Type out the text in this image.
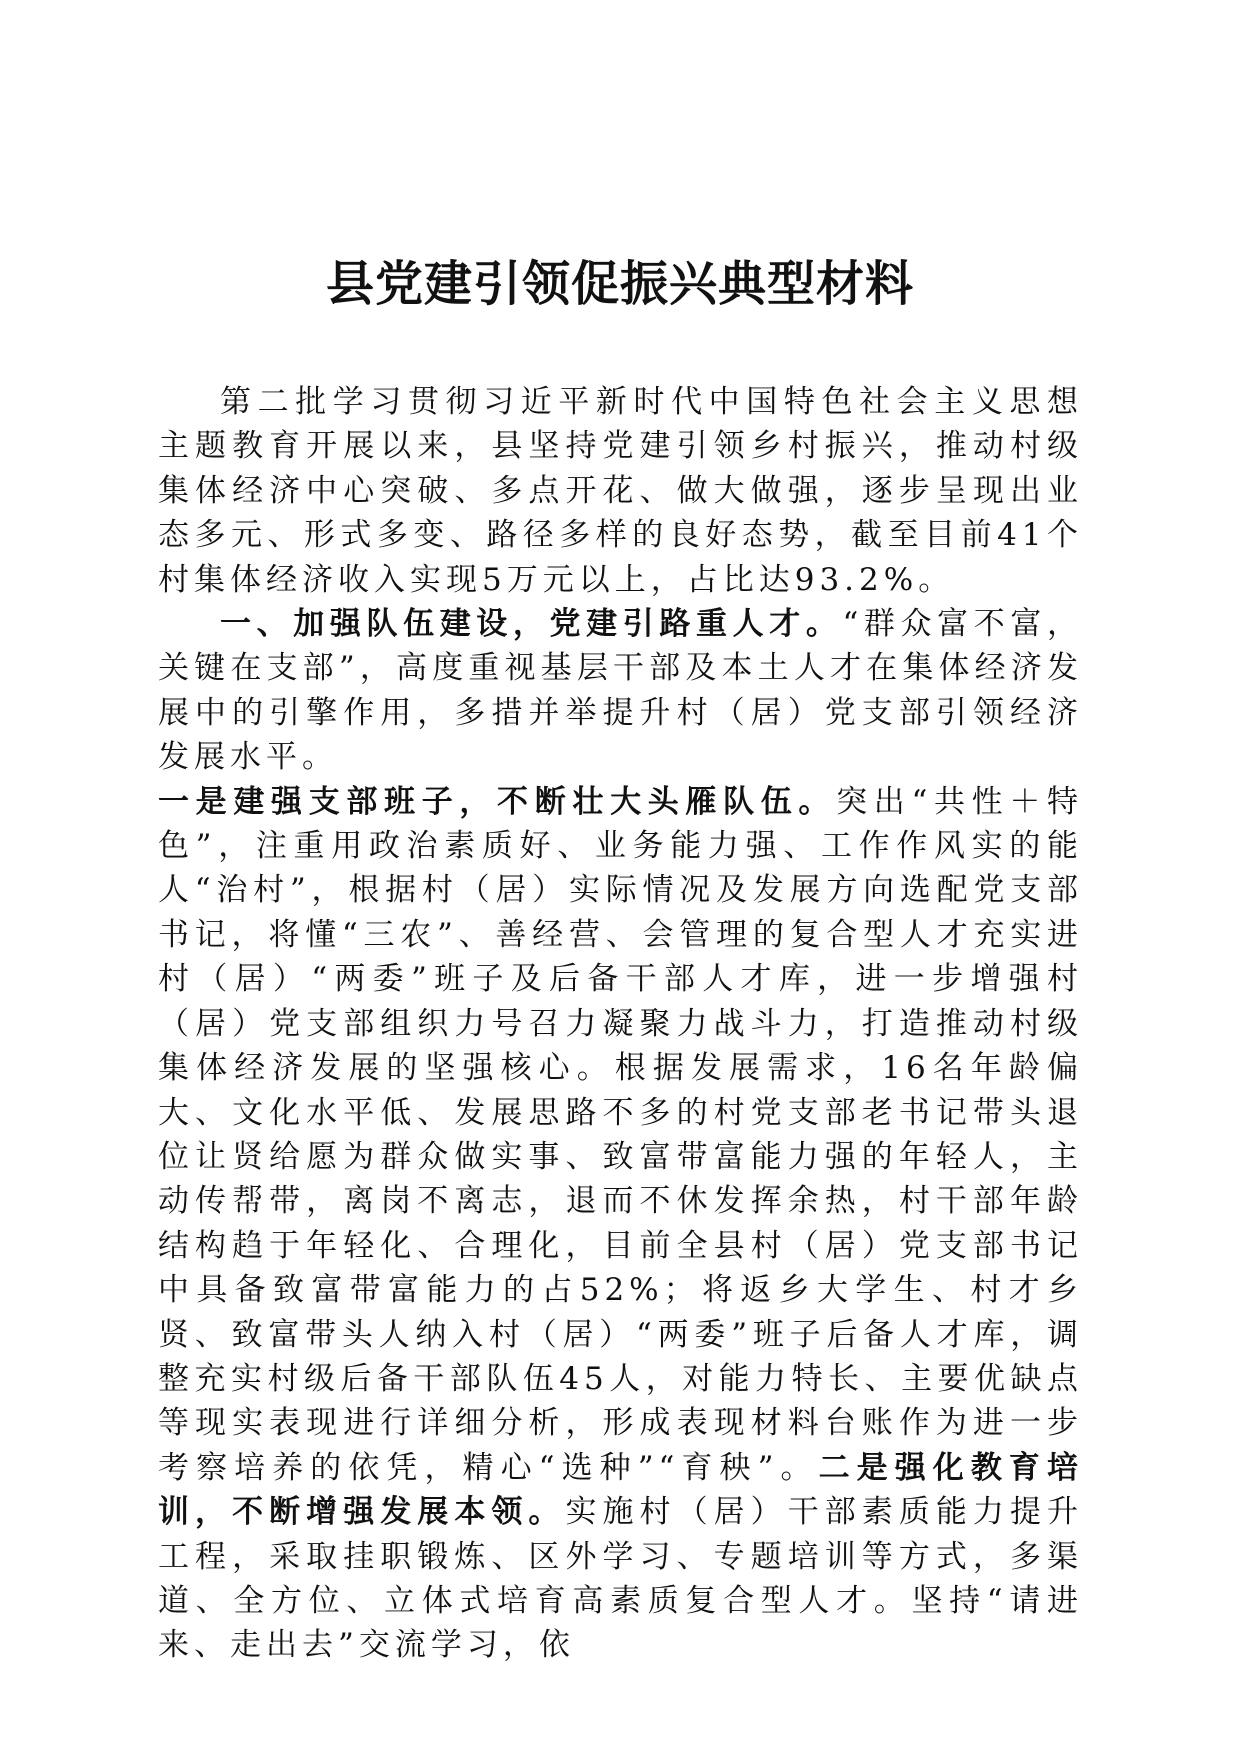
县党建引领促振兴典型材料

第二批学习贯彻习近平新时代中国特色社会主义思想主题教育开展以来，县坚持党建引领乡村振兴，推动村级集体经济中心突破、多点开花、做大做强，逐步呈现出业态多元、形式多变、路径多样的良好态势，截至目前41个村集体经济收入实现5万元以上，占比达93.2%。

一、加强队伍建设，党建引路重人才。“群众富不富，关键在支部”，高度重视基层干部及本土人才在集体经济发展中的引擎作用，多措并举提升村（居）党支部引领经济发展水平。

一是建强支部班子，不断壮大头雁队伍。突出“共性＋特色”，注重用政治素质好、业务能力强、工作作风实的能人“治村”，根据村（居）实际情况及发展方向选配党支部书记，将懂“三农”、善经营、会管理的复合型人才充实进村（居）“两委”班子及后备干部人才库，进一步增强村（居）党支部组织力号召力凝聚力战斗力，打造推动村级集体经济发展的坚强核心。根据发展需求，16名年龄偏大、文化水平低、发展思路不多的村党支部老书记带头退位让贤给愿为群众做实事、致富带富能力强的年轻人，主动传帮带，离岗不离志，退而不休发挥余热，村干部年龄结构趋于年轻化、合理化，目前全县村（居）党支部书记中具备致富带富能力的占52%；将返乡大学生、村才乡贤、致富带头人纳入村（居）“两委”班子后备人才库，调整充实村级后备干部队伍45人，对能力特长、主要优缺点等现实表现进行详细分析，形成表现材料台账作为进一步考察培养的依凭，精心“选种”“育秧”。二是强化教育培训，不断增强发展本领。实施村（居）干部素质能力提升工程，采取挂职锻炼、区外学习、专题培训等方式，多渠道、全方位、立体式培育高素质复合型人才。坚持“请进来、走出去”交流学习，依
